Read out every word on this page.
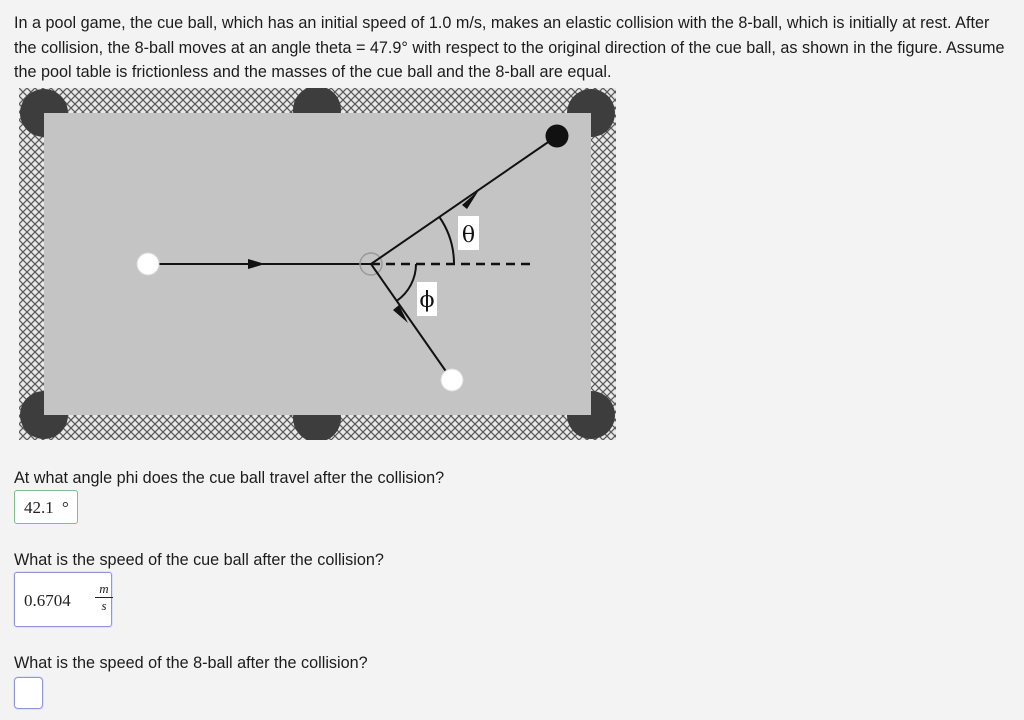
In a pool game, the cue ball, which has an initial speed of 1.0 m/s, makes an elastic collision with the 8-ball, which is initially at rest. After the collision, the 8-ball moves at an angle theta = 47.9° with respect to the original direction of the cue ball, as shown in the figure. Assume the pool table is frictionless and the masses of the cue ball and the 8-ball are equal.
θ
ϕ
At what angle phi does the cue ball travel after the collision?
42.1 °
What is the speed of the cue ball after the collision?
$0.6704 \frac{m}{s}$
What is the speed of the 8-ball after the collision?
